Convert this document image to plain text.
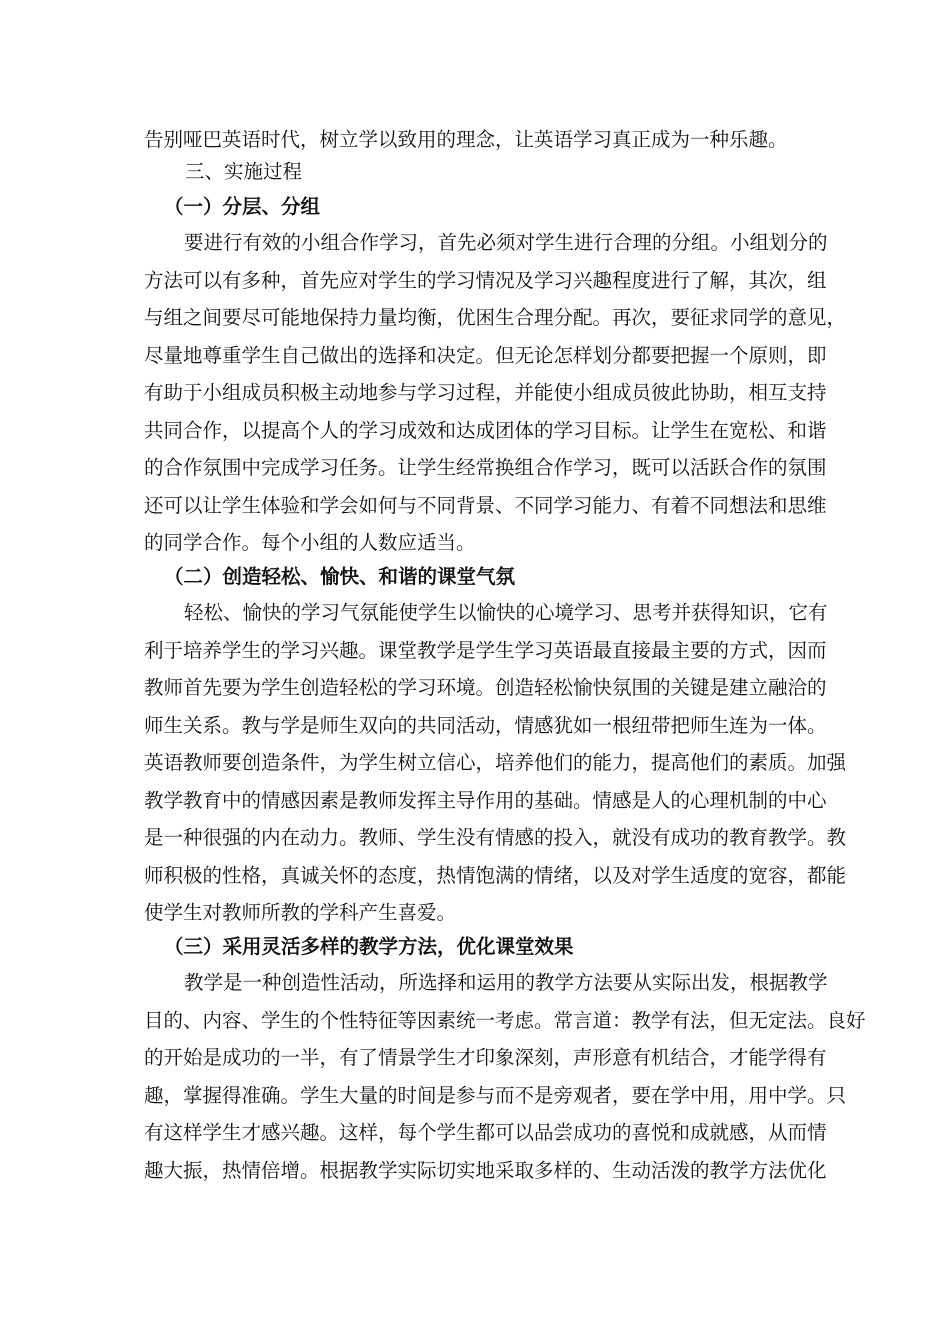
告别哑巴英语时代，树立学以致用的理念，让英语学习真正成为一种乐趣。
三、实施过程
（一）分层、分组
要进行有效的小组合作学习，首先必须对学生进行合理的分组。小组划分的
方法可以有多种，首先应对学生的学习情况及学习兴趣程度进行了解，其次，组
与组之间要尽可能地保持力量均衡，优困生合理分配。再次，要征求同学的意见，
尽量地尊重学生自己做出的选择和决定。但无论怎样划分都要把握一个原则，即
有助于小组成员积极主动地参与学习过程，并能使小组成员彼此协助，相互支持
共同合作，以提高个人的学习成效和达成团体的学习目标。让学生在宽松、和谐
的合作氛围中完成学习任务。让学生经常换组合作学习，既可以活跃合作的氛围
还可以让学生体验和学会如何与不同背景、不同学习能力、有着不同想法和思维
的同学合作。每个小组的人数应适当。
（二）创造轻松、愉快、和谐的课堂气氛
轻松、愉快的学习气氛能使学生以愉快的心境学习、思考并获得知识，它有
利于培养学生的学习兴趣。课堂教学是学生学习英语最直接最主要的方式，因而
教师首先要为学生创造轻松的学习环境。创造轻松愉快氛围的关键是建立融洽的
师生关系。教与学是师生双向的共同活动，情感犹如一根纽带把师生连为一体。
英语教师要创造条件，为学生树立信心，培养他们的能力，提高他们的素质。加强
教学教育中的情感因素是教师发挥主导作用的基础。情感是人的心理机制的中心
是一种很强的内在动力。教师、学生没有情感的投入，就没有成功的教育教学。教
师积极的性格，真诚关怀的态度，热情饱满的情绪，以及对学生适度的宽容，都能
使学生对教师所教的学科产生喜爱。
（三）采用灵活多样的教学方法，优化课堂效果
教学是一种创造性活动，所选择和运用的教学方法要从实际出发，根据教学
目的、内容、学生的个性特征等因素统一考虑。常言道：教学有法，但无定法。良好
的开始是成功的一半，有了情景学生才印象深刻，声形意有机结合，才能学得有
趣，掌握得准确。学生大量的时间是参与而不是旁观者，要在学中用，用中学。只
有这样学生才感兴趣。这样，每个学生都可以品尝成功的喜悦和成就感，从而情
趣大振，热情倍增。根据教学实际切实地采取多样的、生动活泼的教学方法优化
